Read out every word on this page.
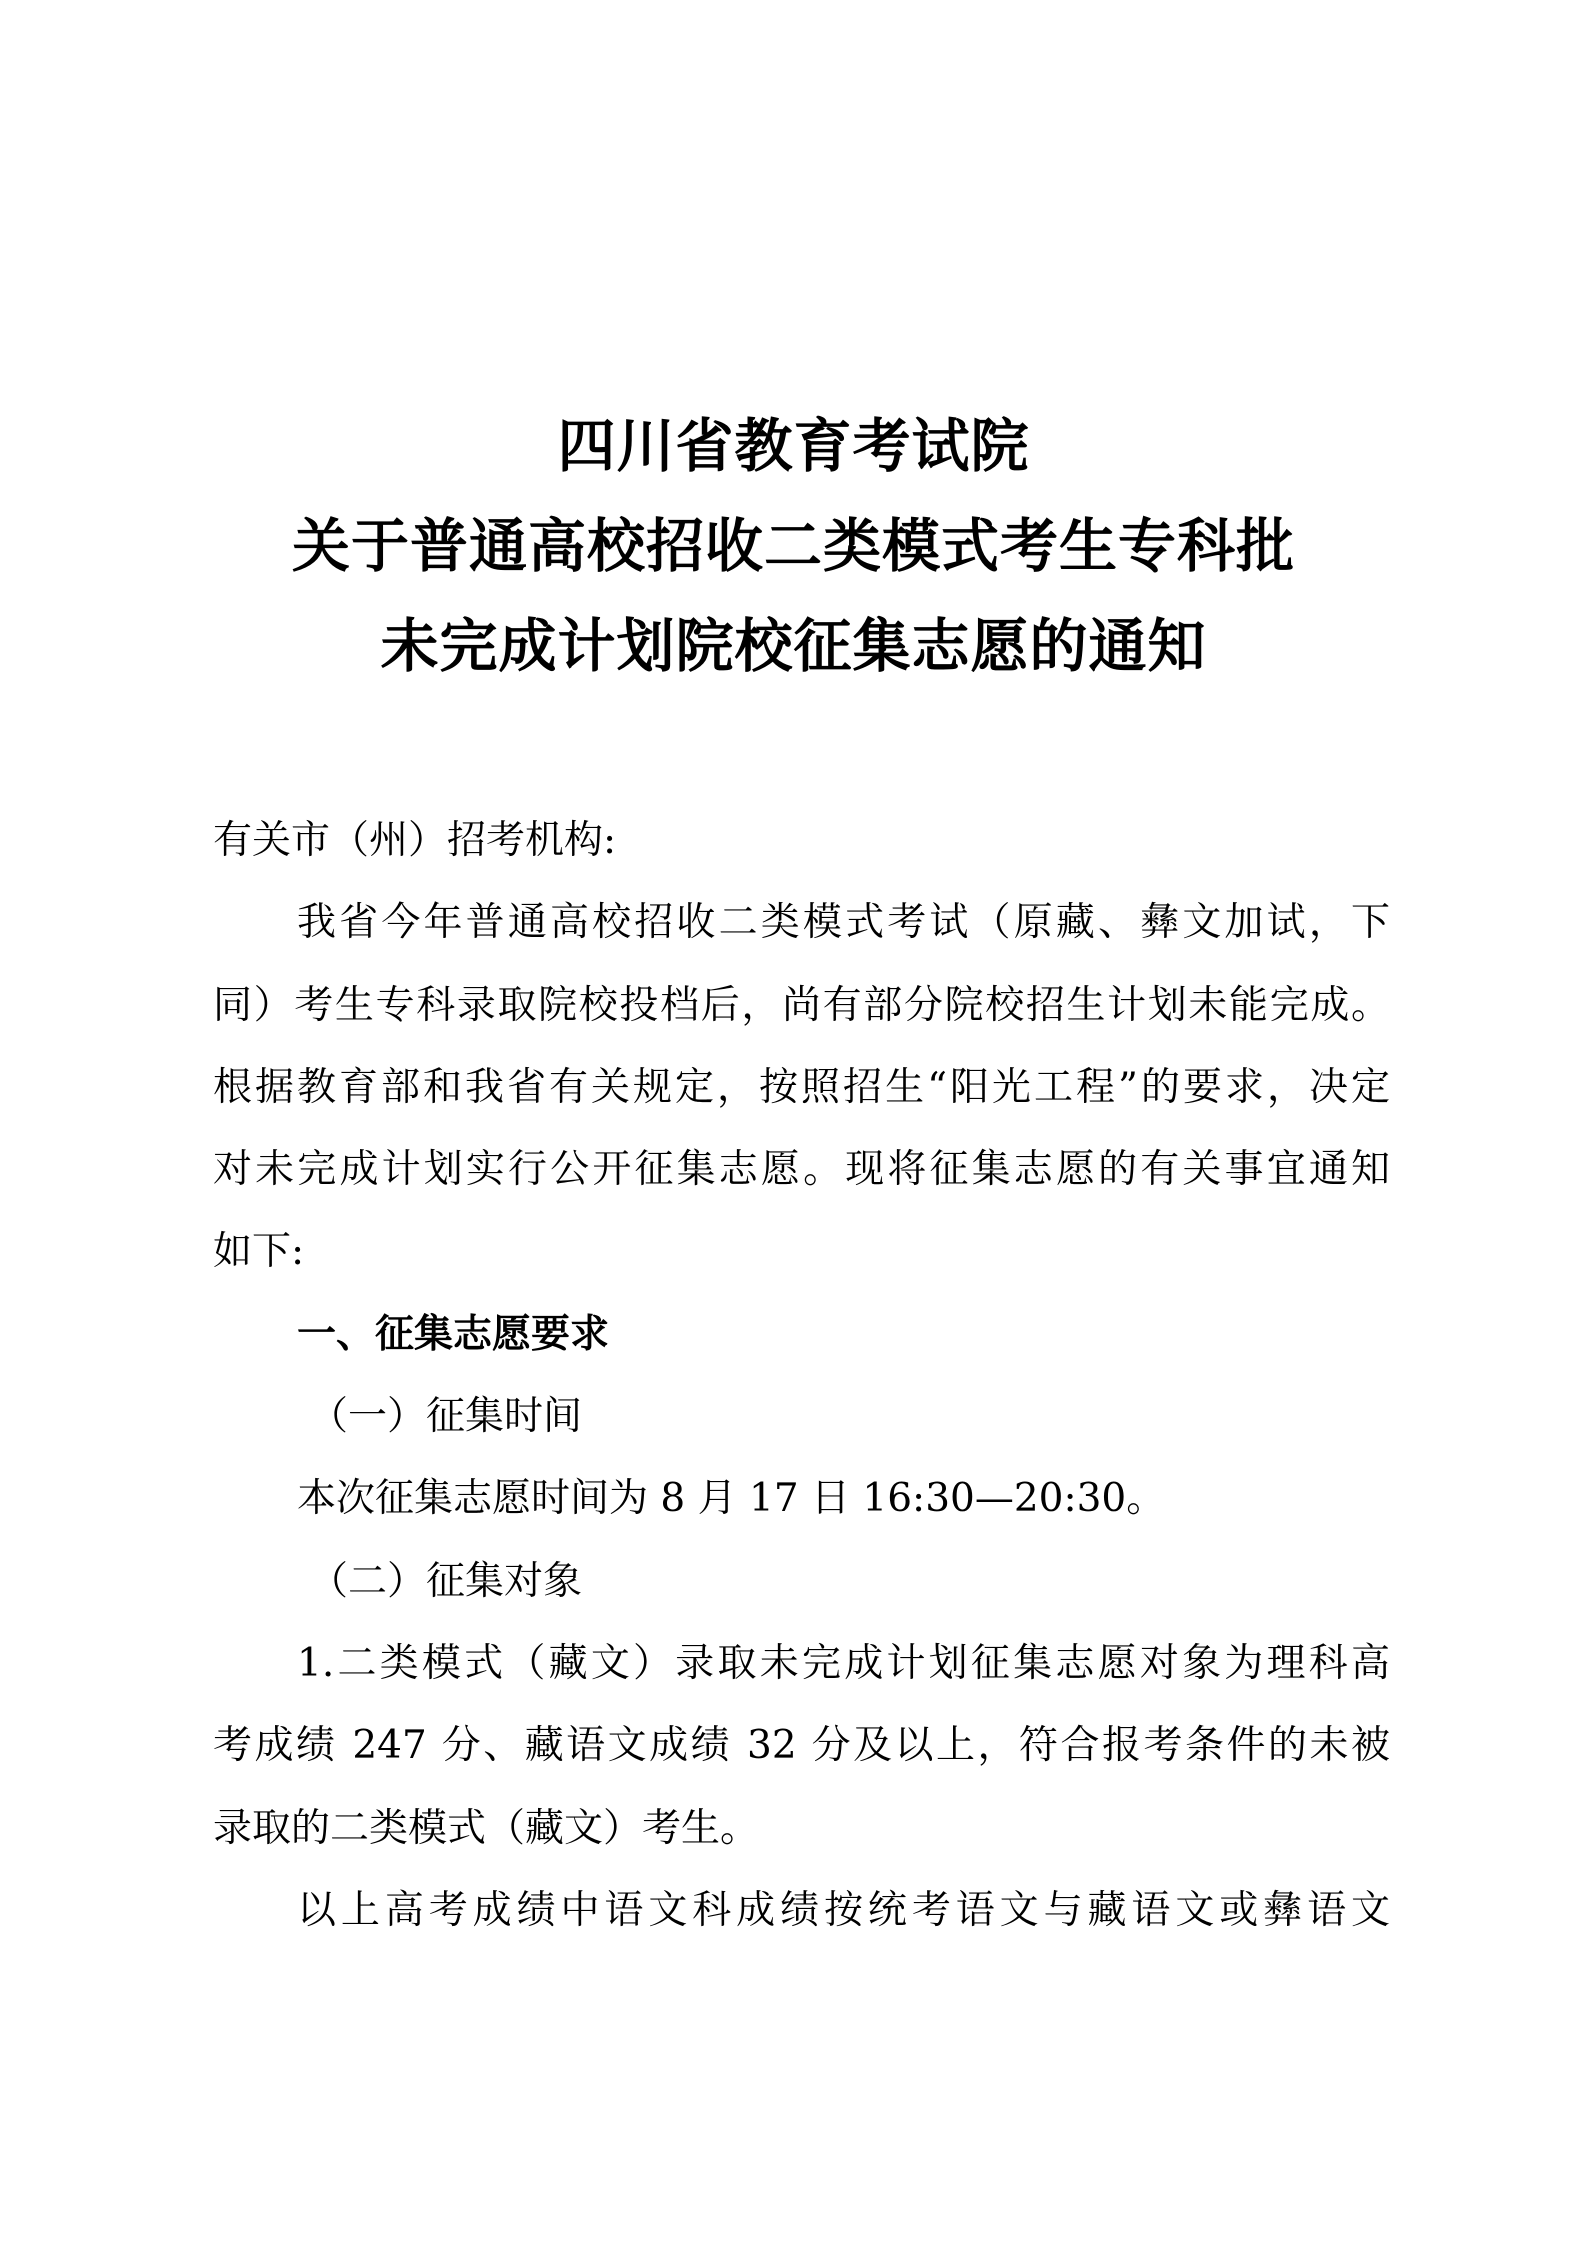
四川省教育考试院
关于普通高校招收二类模式考生专科批
未完成计划院校征集志愿的通知
有关市（州）招考机构:
我省今年普通高校招收二类模式考试（原藏、彝文加试，下
同）考生专科录取院校投档后，尚有部分院校招生计划未能完成。
根据教育部和我省有关规定，按照招生“阳光工程”的要求，决定
对未完成计划实行公开征集志愿。现将征集志愿的有关事宜通知
如下:
一、征集志愿要求
（一）征集时间
本次征集志愿时间为 8 月 17 日 16:30—20:30。
（二）征集对象
1.二类模式（藏文）录取未完成计划征集志愿对象为理科高
考成绩 247 分、藏语文成绩 32 分及以上，符合报考条件的未被
录取的二类模式（藏文）考生。
以上高考成绩中语文科成绩按统考语文与藏语文或彝语文
